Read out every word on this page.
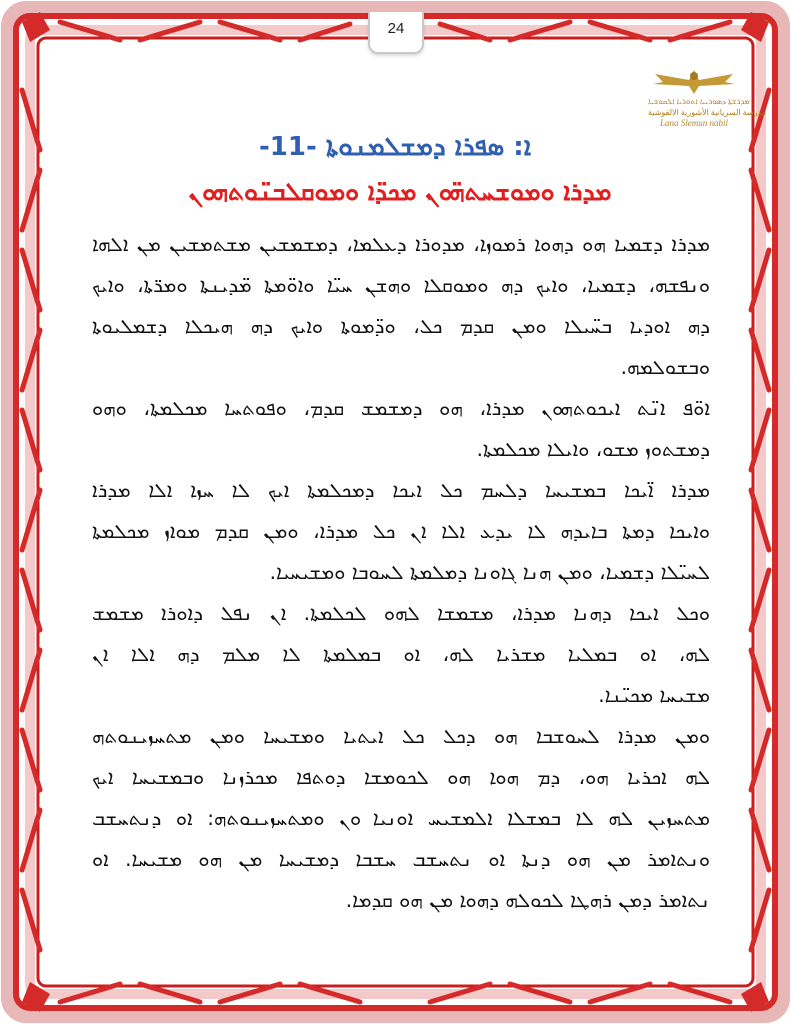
24
ܡܕܪܫܬܐ ܕܣܘܪܝܝܐ ܐܬܘܪܝܐ ܐܠܩܘܫܝܐ
مدرسة السريانية الأشورية الالقوشية
Lana Slemun nabil
ܐ: ܣܦܪܐ ܕܡܫܠܡܢܘܬܐ -11-
ܡܕܪܐ ܘܡܘܫܚܬܗ̈ܘܢ ܡܟܕ̈ܐ ܘܡܘܩܠܒܢ̈ܘܬܗܘܢ
ܡܕܪܐ ܕܫܡܝܐ ܗܘ ܕܗܘܐ ܪܡܘܙܐ، ܡܕܘܪܐ ܕܥܠܡܐ، ܕܡܫܡܫܝܢ ܡܫܬܡܫܝܢ ܡܢ ܐܠܗܐ
ܘܢܦܫܗ، ܕܫܡܝܐ، ܘܐܝܟ ܕܗ ܘܡܘܩܠܐ ܘܗܫܢ ܚܝ̈ܐ ܘܐܘ̈ܡܬܐ ܡ̈ܕܝܢܬܐ ܘܡܪ̈ܬܐ، ܘܐܝܟ
ܕܗ ܐܘܕܝܐ ܒܚ̈ܝܠܐ ܘܡܢ ܩܕܡ ܟܠ، ܘܕ̈ܡܘܬܐ ܘܐܝܟ ܕܗ ܗܝܟܠܐ ܕܫܡܠܝܘܬܐ
ܘܒܫܘܠܡܗ.
ܐܘ̈ܦ ܐܢ̈ܬ ܐܝܟܘܬܗܘܢ ܡܕܪܐ، ܗܘ ܕܡܫܡܫ ܩܕܡ، ܘܦܘܬܚܐ ܡܟܠܡܬܐ، ܘܗܘ
ܕܡܫܬܘܙ ܡܫܘ، ܘܐܝܠܐ ܡܟܠܡܬܐ.
ܡܕܪܐ ܐ̈ܝܟܐ ܒܡܫܝܚܐ ܕܠܚܡ ܟܠ ܐܝܟܐ ܕܡܟܠܡܬܐ ܐܝܟ ܠܐ ܚܙܐ ܐܠܐ ܡܕܪܐ
ܘܐܝܟܐ ܕܡܬܐ ܒܐܝܕܗ ܠܐ ܝܕܥ ܐܠܐ ܐܢ ܟܠ ܡܕܪܐ، ܘܡܢ ܩܕܡ ܡܘܐܙ ܡܟܠܡܬܐ
ܠܚܝ̈ܠܐ ܕܫܡܝܐ، ܘܡܢ ܗܢܐ ܓܐܘܢܐ ܕܡܠܡܬܐ ܠܚܘܒܐ ܘܡܫܝܚܝܐ.
ܘܟܠ ܐܝܟܐ ܕܗܢܐ ܡܕܪܐ، ܡܫܡܫܐ ܠܗܘ ܠܟܠܡܬܐ. ܐܢ ܢܦܠ ܕܐܘܪܐ ܡܫܡܫ
ܠܗ، ܐܘ ܒܡܠܝܐ ܡܫܪܝܐ ܠܗ، ܐܘ ܒܡܠܡܬܐ ܠܐ ܡܠܡ ܕܗ ܐܠܐ ܐܢ
ܡܫܝܚܐ ܡܟܝ̈ܢܐ.
ܘܡܢ ܡܕܪܐ ܠܚܘܫܒܐ ܗܘ ܕܟܠ ܟܠ ܐܝܬܝܐ ܘܡܫܝܚܐ ܘܡܢ ܡܬܚܙܝܢܘܬܗ
ܠܗ ܐܟܪܝܐ ܗܘ، ܕܡ ܗܘܐ ܗܘ ܠܟܘܡܫܐ ܕܘܬܦܐ ܡܟܪܙܢܐ ܘܒܡܫܝܚܐ ܐܝܟ
ܡܬܚܙܝܢ ܠܗ ܠܐ ܒܡܫܠܐ ܐܠܡܫܝܚ ܐܘܢܝܐ ܘܢ ܘܡܬܚܙܝܢܘܬܗ: ܐܘ ܕܢܬܚܫܒ
ܘܢܬܐܡܪ ܡܢ ܗܘ ܕܢܬܐ ܐܘ ܢܬܚܫܒ ܚܫܒܐ ܕܡܫܝܚܐ ܡܢ ܗܘ ܡܫܝܚܐ. ܐܘ
ܢܬܐܡܪ ܕܡܢ ܪܗܛܐ ܠܟܘܠܗ ܕܗܘܐ ܡܢ ܗܘ ܩܕܡܐ.
